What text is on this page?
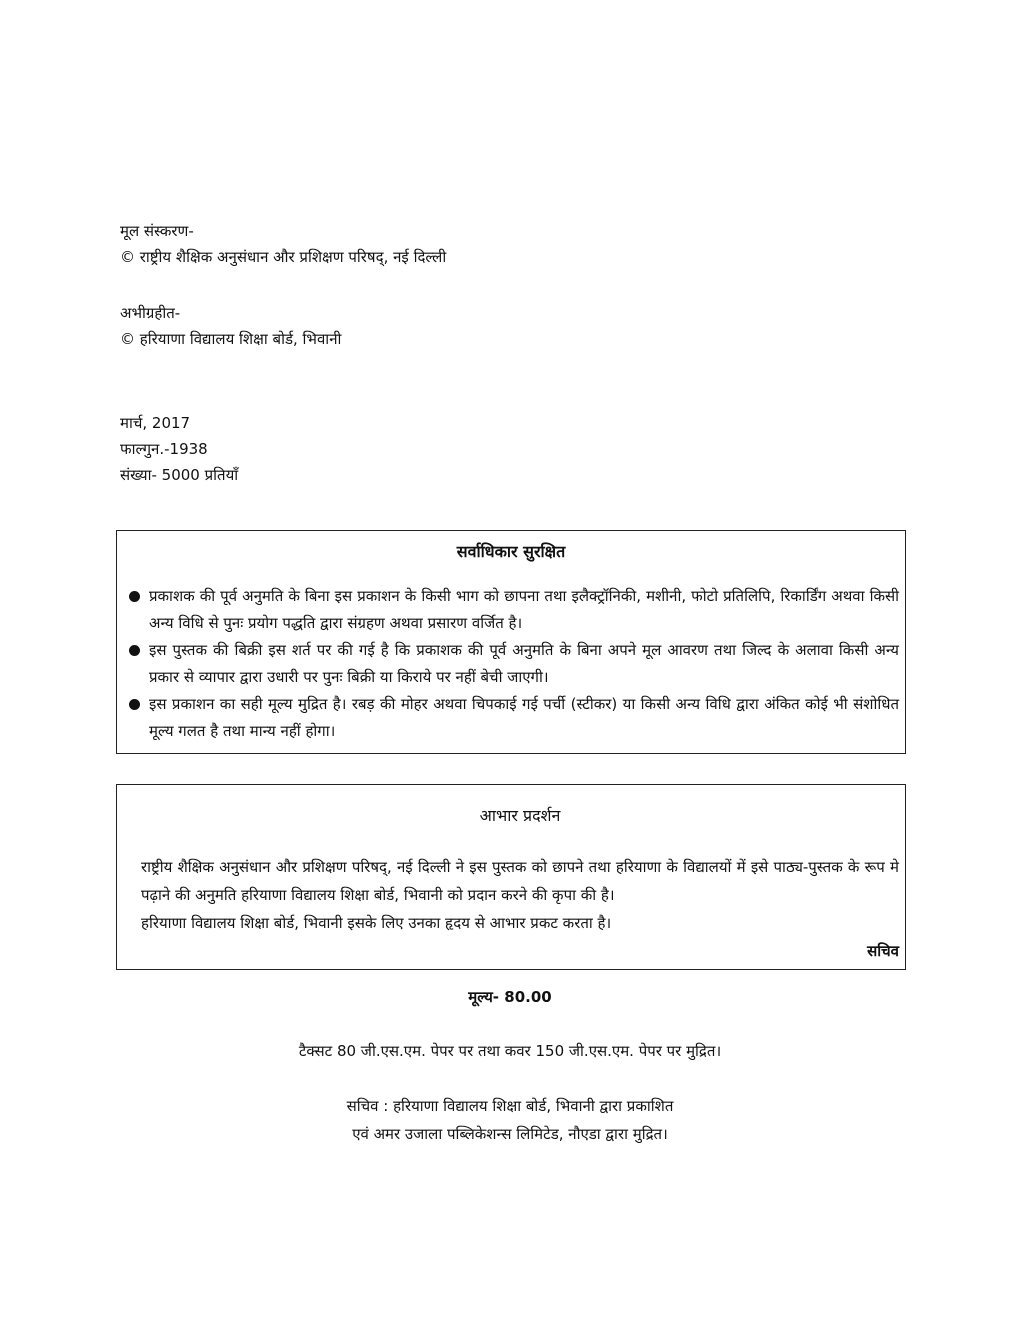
मूल संस्करण-
© राष्ट्रीय शैक्षिक अनुसंधान और प्रशिक्षण परिषद्, नई दिल्ली
अभीग्रहीत-
© हरियाणा विद्यालय शिक्षा बोर्ड, भिवानी
मार्च, 2017
फाल्गुन.-1938
संख्या- 5000 प्रतियाँ
सर्वाधिकार सुरक्षित
प्रकाशक की पूर्व अनुमति के बिना इस प्रकाशन के किसी भाग को छापना तथा इलैक्ट्रॉनिकी, मशीनी, फोटो प्रतिलिपि, रिकार्डिंग अथवा किसी अन्य विधि से पुनः प्रयोग पद्धति द्वारा संग्रहण अथवा प्रसारण वर्जित है।
इस पुस्तक की बिक्री इस शर्त पर की गई है कि प्रकाशक की पूर्व अनुमति के बिना अपने मूल आवरण तथा जिल्द के अलावा किसी अन्य प्रकार से व्यापार द्वारा उधारी पर पुनः बिक्री या किराये पर नहीं बेची जाएगी।
इस प्रकाशन का सही मूल्य मुद्रित है। रबड़ की मोहर अथवा चिपकाई गई पर्ची (स्टीकर) या किसी अन्य विधि द्वारा अंकित कोई भी संशोधित मूल्य गलत है तथा मान्य नहीं होगा।
आभार प्रदर्शन
राष्ट्रीय शैक्षिक अनुसंधान और प्रशिक्षण परिषद्, नई दिल्ली ने इस पुस्तक को छापने तथा हरियाणा के विद्यालयों में इसे पाठ्य-पुस्तक के रूप मे पढ़ाने की अनुमति हरियाणा विद्यालय शिक्षा बोर्ड, भिवानी को प्रदान करने की कृपा की है।
हरियाणा विद्यालय शिक्षा बोर्ड, भिवानी इसके लिए उनका हृदय से आभार प्रकट करता है।
सचिव
मूल्य- 80.00
टैक्सट 80 जी.एस.एम. पेपर पर तथा कवर 150 जी.एस.एम. पेपर पर मुद्रित।
सचिव : हरियाणा विद्यालय शिक्षा बोर्ड, भिवानी द्वारा प्रकाशित
एवं अमर उजाला पब्लिकेशन्स लिमिटेड, नौएडा द्वारा मुद्रित।
